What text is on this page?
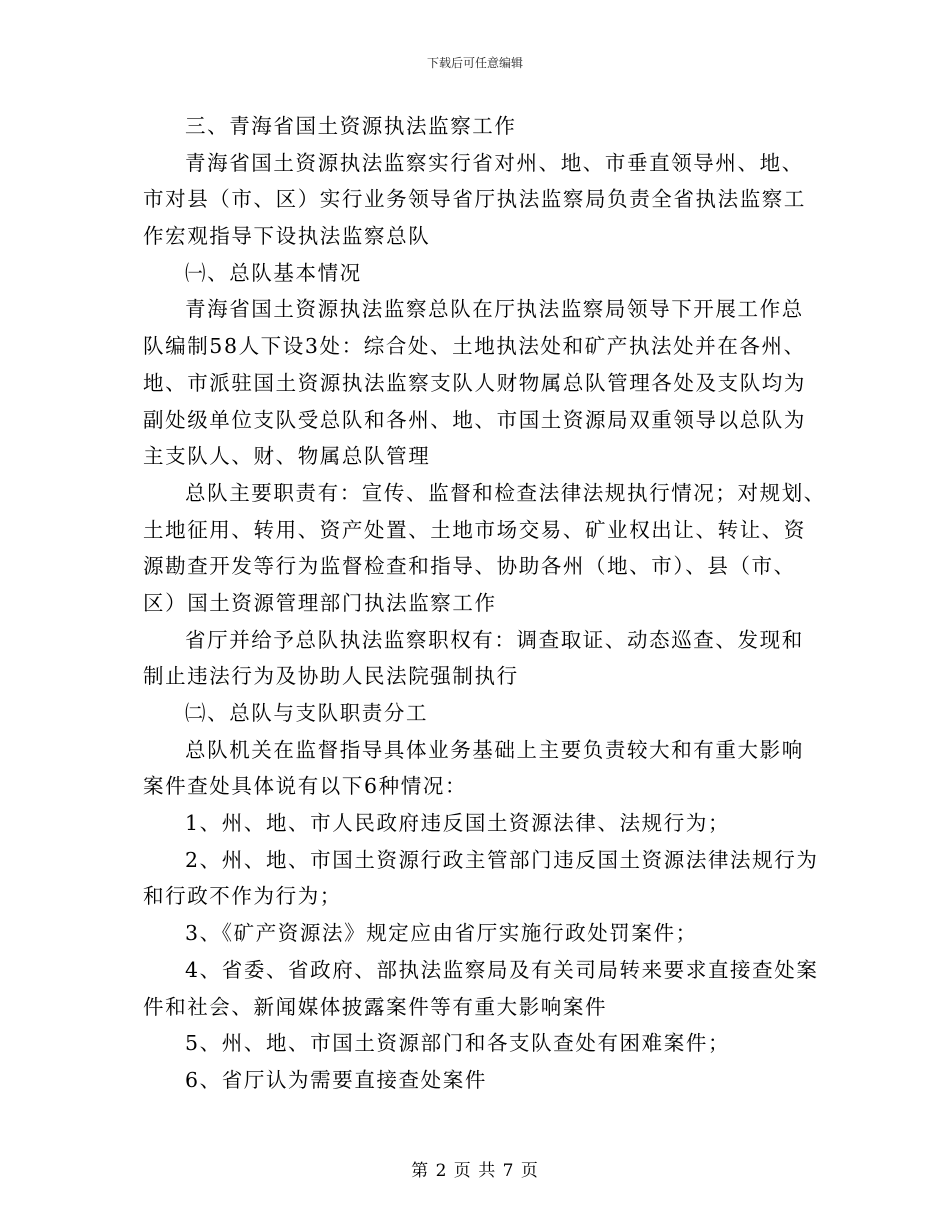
下载后可任意编辑
三、青海省国土资源执法监察工作
青海省国土资源执法监察实行省对州、地、市垂直领导州、地、
市对县（市、区）实行业务领导省厅执法监察局负责全省执法监察工
作宏观指导下设执法监察总队
㈠、总队基本情况
青海省国土资源执法监察总队在厅执法监察局领导下开展工作总
队编制58人下设3处：综合处、土地执法处和矿产执法处并在各州、
地、市派驻国土资源执法监察支队人财物属总队管理各处及支队均为
副处级单位支队受总队和各州、地、市国土资源局双重领导以总队为
主支队人、财、物属总队管理
总队主要职责有：宣传、监督和检查法律法规执行情况；对规划、
土地征用、转用、资产处置、土地市场交易、矿业权出让、转让、资
源勘查开发等行为监督检查和指导、协助各州（地、市）、县（市、
区）国土资源管理部门执法监察工作
省厅并给予总队执法监察职权有：调查取证、动态巡查、发现和
制止违法行为及协助人民法院强制执行
㈡、总队与支队职责分工
总队机关在监督指导具体业务基础上主要负责较大和有重大影响
案件查处具体说有以下6种情况：
1、州、地、市人民政府违反国土资源法律、法规行为；
2、州、地、市国土资源行政主管部门违反国土资源法律法规行为
和行政不作为行为；
3、《矿产资源法》规定应由省厅实施行政处罚案件；
4、省委、省政府、部执法监察局及有关司局转来要求直接查处案
件和社会、新闻媒体披露案件等有重大影响案件
5、州、地、市国土资源部门和各支队查处有困难案件；
6、省厅认为需要直接查处案件
第 2 页 共 7 页
